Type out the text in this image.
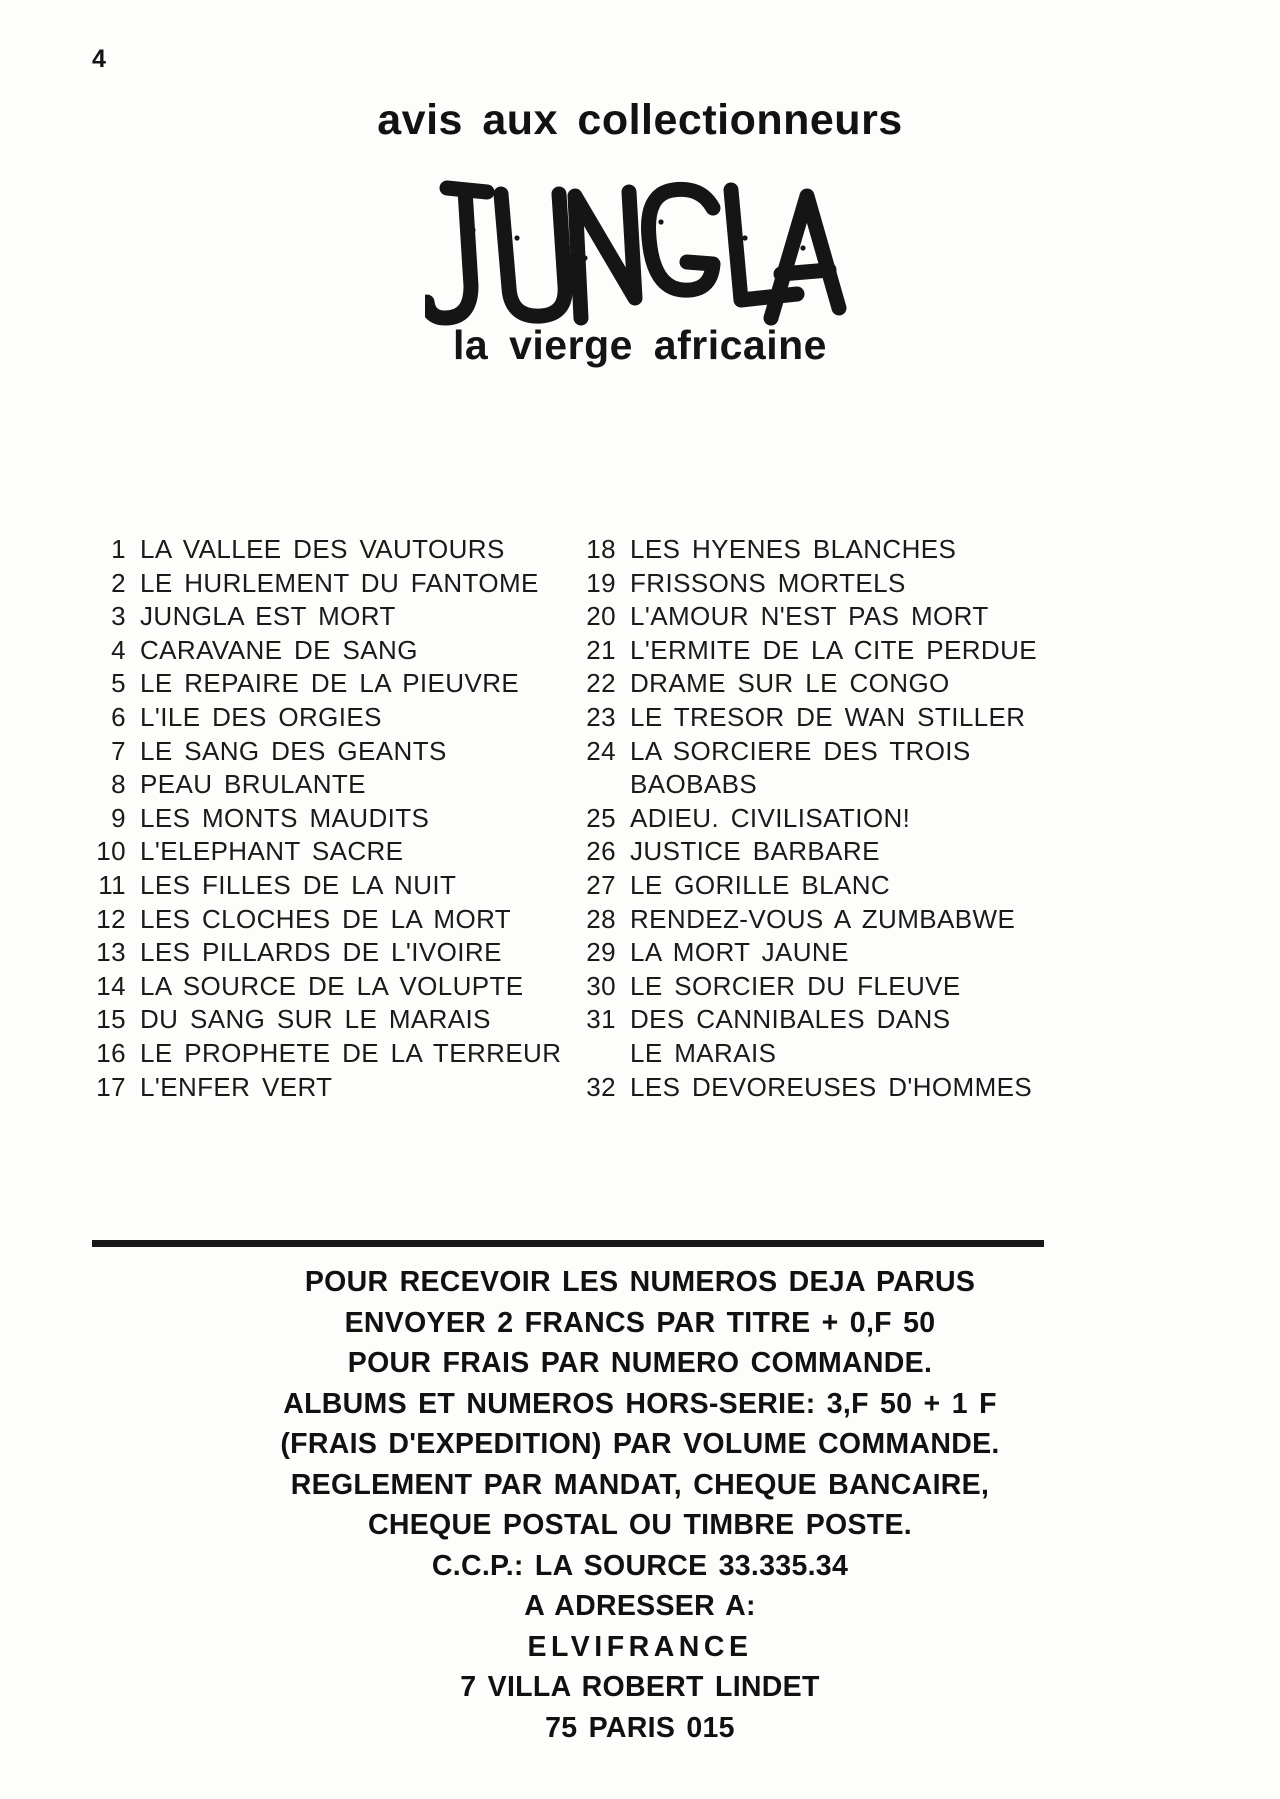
4
avis aux collectionneurs
la vierge africaine
1 LA VALLEE DES VAUTOURS
2 LE HURLEMENT DU FANTOME
3 JUNGLA EST MORT
4 CARAVANE DE SANG
5 LE REPAIRE DE LA PIEUVRE
6 L'ILE DES ORGIES
7 LE SANG DES GEANTS
8 PEAU BRULANTE
9 LES MONTS MAUDITS
10 L'ELEPHANT SACRE
11 LES FILLES DE LA NUIT
12 LES CLOCHES DE LA MORT
13 LES PILLARDS DE L'IVOIRE
14 LA SOURCE DE LA VOLUPTE
15 DU SANG SUR LE MARAIS
16 LE PROPHETE DE LA TERREUR
17 L'ENFER VERT
18 LES HYENES BLANCHES
19 FRISSONS MORTELS
20 L'AMOUR N'EST PAS MORT
21 L'ERMITE DE LA CITE PERDUE
22 DRAME SUR LE CONGO
23 LE TRESOR DE WAN STILLER
24 LA SORCIERE DES TROIS
BAOBABS
25 ADIEU. CIVILISATION!
26 JUSTICE BARBARE
27 LE GORILLE BLANC
28 RENDEZ-VOUS A ZUMBABWE
29 LA MORT JAUNE
30 LE SORCIER DU FLEUVE
31 DES CANNIBALES DANS
LE MARAIS
32 LES DEVOREUSES D'HOMMES
POUR RECEVOIR LES NUMEROS DEJA PARUS
ENVOYER 2 FRANCS PAR TITRE + 0,F 50
POUR FRAIS PAR NUMERO COMMANDE.
ALBUMS ET NUMEROS HORS-SERIE: 3,F 50 + 1 F
(FRAIS D'EXPEDITION) PAR VOLUME COMMANDE.
REGLEMENT PAR MANDAT, CHEQUE BANCAIRE,
CHEQUE POSTAL OU TIMBRE POSTE.
C.C.P.: LA SOURCE 33.335.34
A ADRESSER A:
ELVIFRANCE
7 VILLA ROBERT LINDET
75 PARIS 015
